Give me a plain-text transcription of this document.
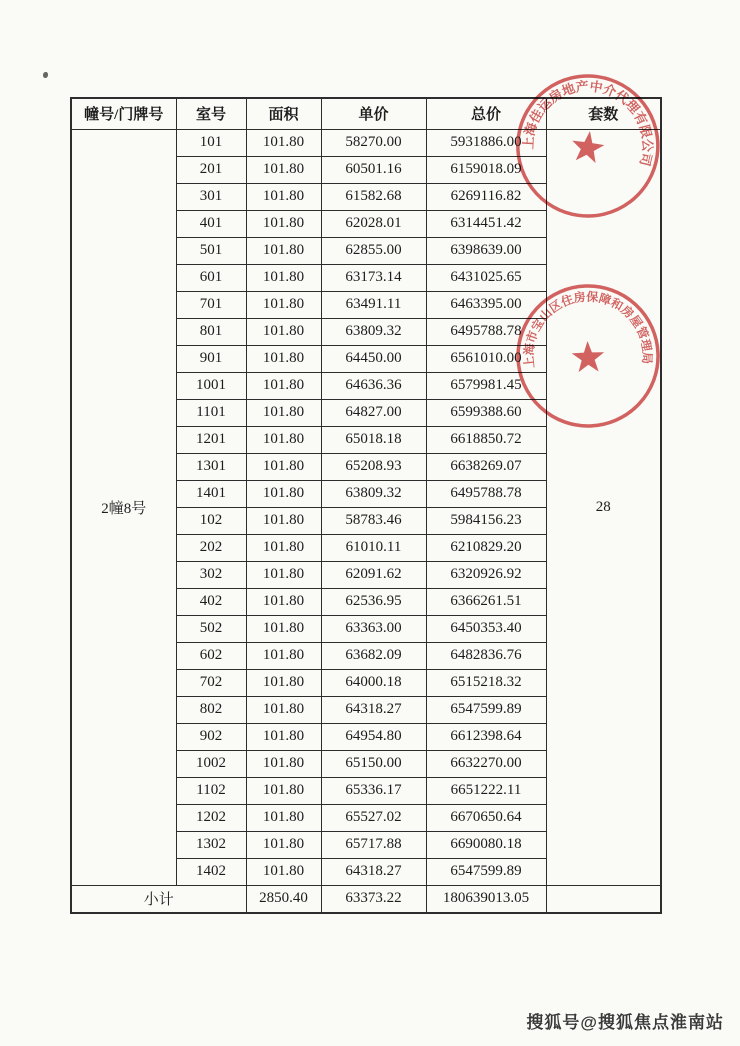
幢号/门牌号	室号	面积	单价	总价	套数
2幢8号	101	101.80	58270.00	5931886.00	28
	201	101.80	60501.16	6159018.09	
	301	101.80	61582.68	6269116.82	
	401	101.80	62028.01	6314451.42	
	501	101.80	62855.00	6398639.00	
	601	101.80	63173.14	6431025.65	
	701	101.80	63491.11	6463395.00	
	801	101.80	63809.32	6495788.78	
	901	101.80	64450.00	6561010.00	
	1001	101.80	64636.36	6579981.45	
	1101	101.80	64827.00	6599388.60	
	1201	101.80	65018.18	6618850.72	
	1301	101.80	65208.93	6638269.07	
	1401	101.80	63809.32	6495788.78	
	102	101.80	58783.46	5984156.23	
	202	101.80	61010.11	6210829.20	
	302	101.80	62091.62	6320926.92	
	402	101.80	62536.95	6366261.51	
	502	101.80	63363.00	6450353.40	
	602	101.80	63682.09	6482836.76	
	702	101.80	64000.18	6515218.32	
	802	101.80	64318.27	6547599.89	
	902	101.80	64954.80	6612398.64	
	1002	101.80	65150.00	6632270.00	
	1102	101.80	65336.17	6651222.11	
	1202	101.80	65527.02	6670650.64	
	1302	101.80	65717.88	6690080.18	
	1402	101.80	64318.27	6547599.89	
小计		2850.40	63373.22	180639013.05	
上海佳运房地产中介代理有限公司
上海市宝山区住房保障和房屋管理局
搜狐号@搜狐焦点淮南站
